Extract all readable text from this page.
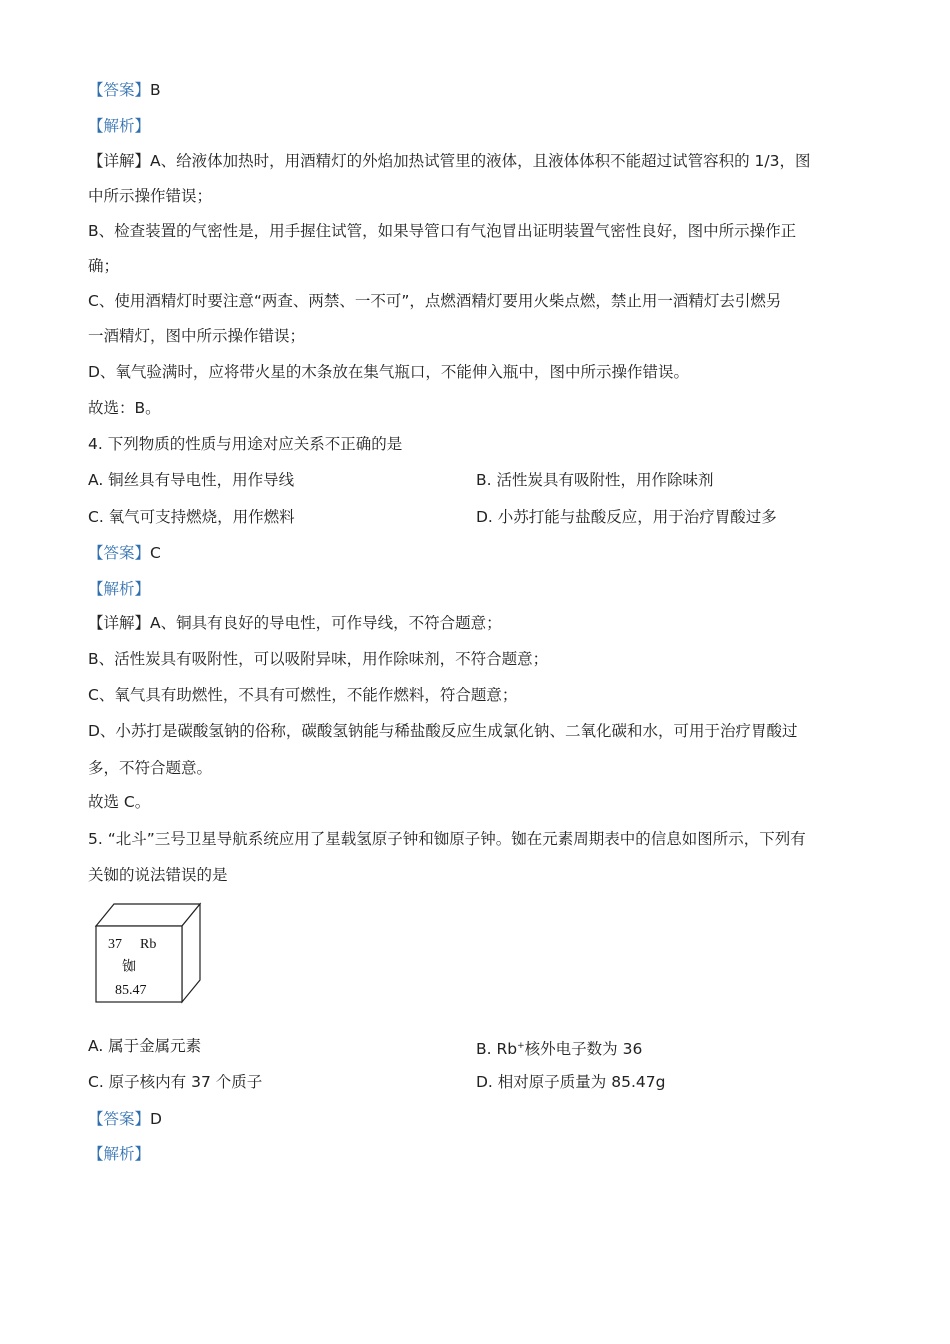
【答案】B
【解析】
【详解】A、给液体加热时，用酒精灯的外焰加热试管里的液体，且液体体积不能超过试管容积的 1/3，图
中所示操作错误；
B、检查装置的气密性是，用手握住试管，如果导管口有气泡冒出证明装置气密性良好，图中所示操作正
确；
C、使用酒精灯时要注意“两查、两禁、一不可”，点燃酒精灯要用火柴点燃，禁止用一酒精灯去引燃另
一酒精灯，图中所示操作错误；
D、氧气验满时，应将带火星的木条放在集气瓶口，不能伸入瓶中，图中所示操作错误。
故选：B。
4. 下列物质的性质与用途对应关系不正确的是
A. 铜丝具有导电性，用作导线	B. 活性炭具有吸附性，用作除味剂
C. 氧气可支持燃烧，用作燃料	D. 小苏打能与盐酸反应，用于治疗胃酸过多
【答案】C
【解析】
【详解】A、铜具有良好的导电性，可作导线，不符合题意；
B、活性炭具有吸附性，可以吸附异味，用作除味剂，不符合题意；
C、氧气具有助燃性，不具有可燃性，不能作燃料，符合题意；
D、小苏打是碳酸氢钠的俗称，碳酸氢钠能与稀盐酸反应生成氯化钠、二氧化碳和水，可用于治疗胃酸过
多，不符合题意。
故选 C。
5. “北斗”三号卫星导航系统应用了星载氢原子钟和铷原子钟。铷在元素周期表中的信息如图所示，下列有
关铷的说法错误的是
37 Rb
铷
85.47
A. 属于金属元素	B. Rb+核外电子数为 36
C. 原子核内有 37 个质子	D. 相对原子质量为 85.47g
【答案】D
【解析】
